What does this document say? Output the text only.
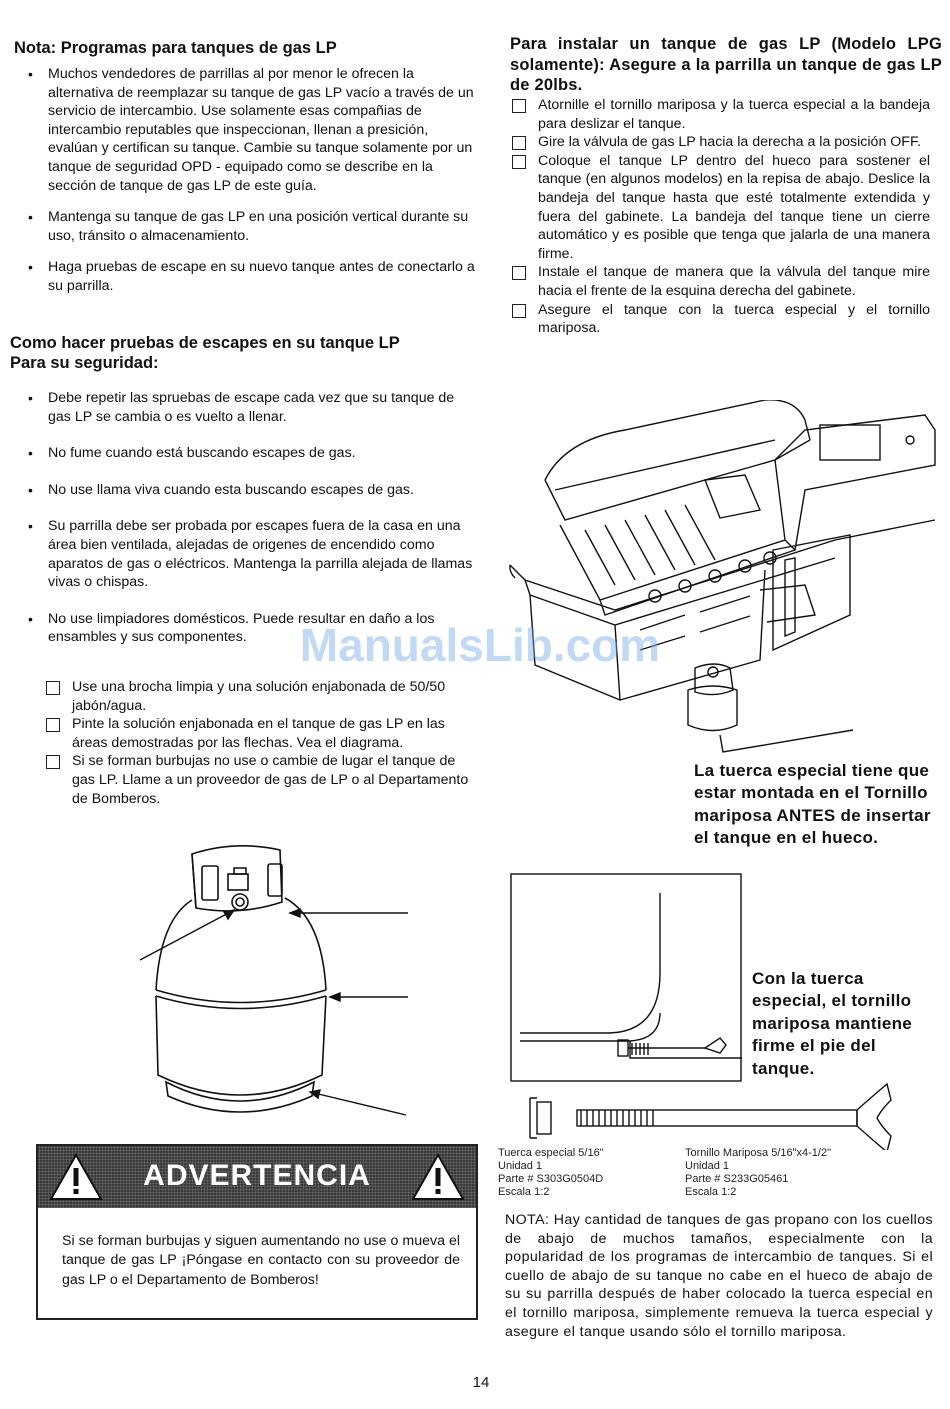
Nota: Programas para tanques de gas LP
• Muchos vendedores de parrillas al por menor le ofrecen la alternativa de reemplazar su tanque de gas LP vacío a través de un servicio de intercambio. Use solamente esas compañias de intercambio reputables que inspeccionan, llenan a presición, evalúan y certifican su tanque. Cambie su tanque solamente por un tanque de seguridad OPD - equipado como se describe en la sección de tanque de gas LP de este guía.
• Mantenga su tanque de gas LP en una posición vertical durante su uso, tránsito o almacenamiento.
• Haga pruebas de escape en su nuevo tanque antes de conectarlo a su parrilla.
Como hacer pruebas de escapes en su tanque LP
Para su seguridad:
• Debe repetir las spruebas de escape cada vez que su tanque de gas LP se cambia o es vuelto a llenar.
• No fume cuando está buscando escapes de gas.
• No use llama viva cuando esta buscando escapes de gas.
• Su parrilla debe ser probada por escapes fuera de la casa en una área bien ventilada, alejadas de origenes de encendido como aparatos de gas o eléctricos. Mantenga la parrilla alejada de llamas vivas o chispas.
• No use limpiadores domésticos. Puede resultar en daño a los ensambles y sus componentes.
Use una brocha limpia y una solución enjabonada de 50/50 jabón/agua.
Pinte la solución enjabonada en el tanque de gas LP en las áreas demostradas por las flechas. Vea el diagrama.
Si se forman burbujas no use o cambie de lugar el tanque de gas LP. Llame a un proveedor de gas de LP o al Departamento de Bomberos.
ADVERTENCIA
Si se forman burbujas y siguen aumentando no use o mueva el tanque de gas LP ¡Póngase en contacto con su proveedor de gas LP o el Departamento de Bomberos!
Para instalar un tanque de gas LP (Modelo LPG solamente): Asegure a la parrilla un tanque de gas LP de 20lbs.
Atornille el tornillo mariposa y la tuerca especial a la bandeja para deslizar el tanque.
Gire la válvula de gas LP hacia la derecha a la posición OFF.
Coloque el tanque LP dentro del hueco para sostener el tanque (en algunos modelos) en la repisa de abajo. Deslice la bandeja del tanque hasta que esté totalmente extendida y fuera del gabinete. La bandeja del tanque tiene un cierre automático y es posible que tenga que jalarla de una manera firme.
Instale el tanque de manera que la válvula del tanque mire hacia el frente de la esquina derecha del gabinete.
Asegure el tanque con la tuerca especial y el tornillo mariposa.
La tuerca especial tiene que estar montada en el Tornillo mariposa ANTES de insertar el tanque en el hueco.
Con la tuerca especial, el tornillo mariposa mantiene firme el pie del tanque.
Tuerca especial 5/16"
Unidad 1
Parte # S303G0504D
Escala 1:2
Tornillo Mariposa 5/16"x4-1/2"
Unidad 1
Parte # S233G05461
Escala 1:2
NOTA: Hay cantidad de tanques de gas propano con los cuellos de abajo de muchos tamaños, especialmente con la popularidad de los programas de intercambio de tanques. Si el cuello de abajo de su tanque no cabe en el hueco de abajo de su su parrilla después de haber colocado la tuerca especial en el tornillo mariposa, simplemente remueva la tuerca especial y asegure el tanque usando sólo el tornillo mariposa.
14
ManualsLib.com
